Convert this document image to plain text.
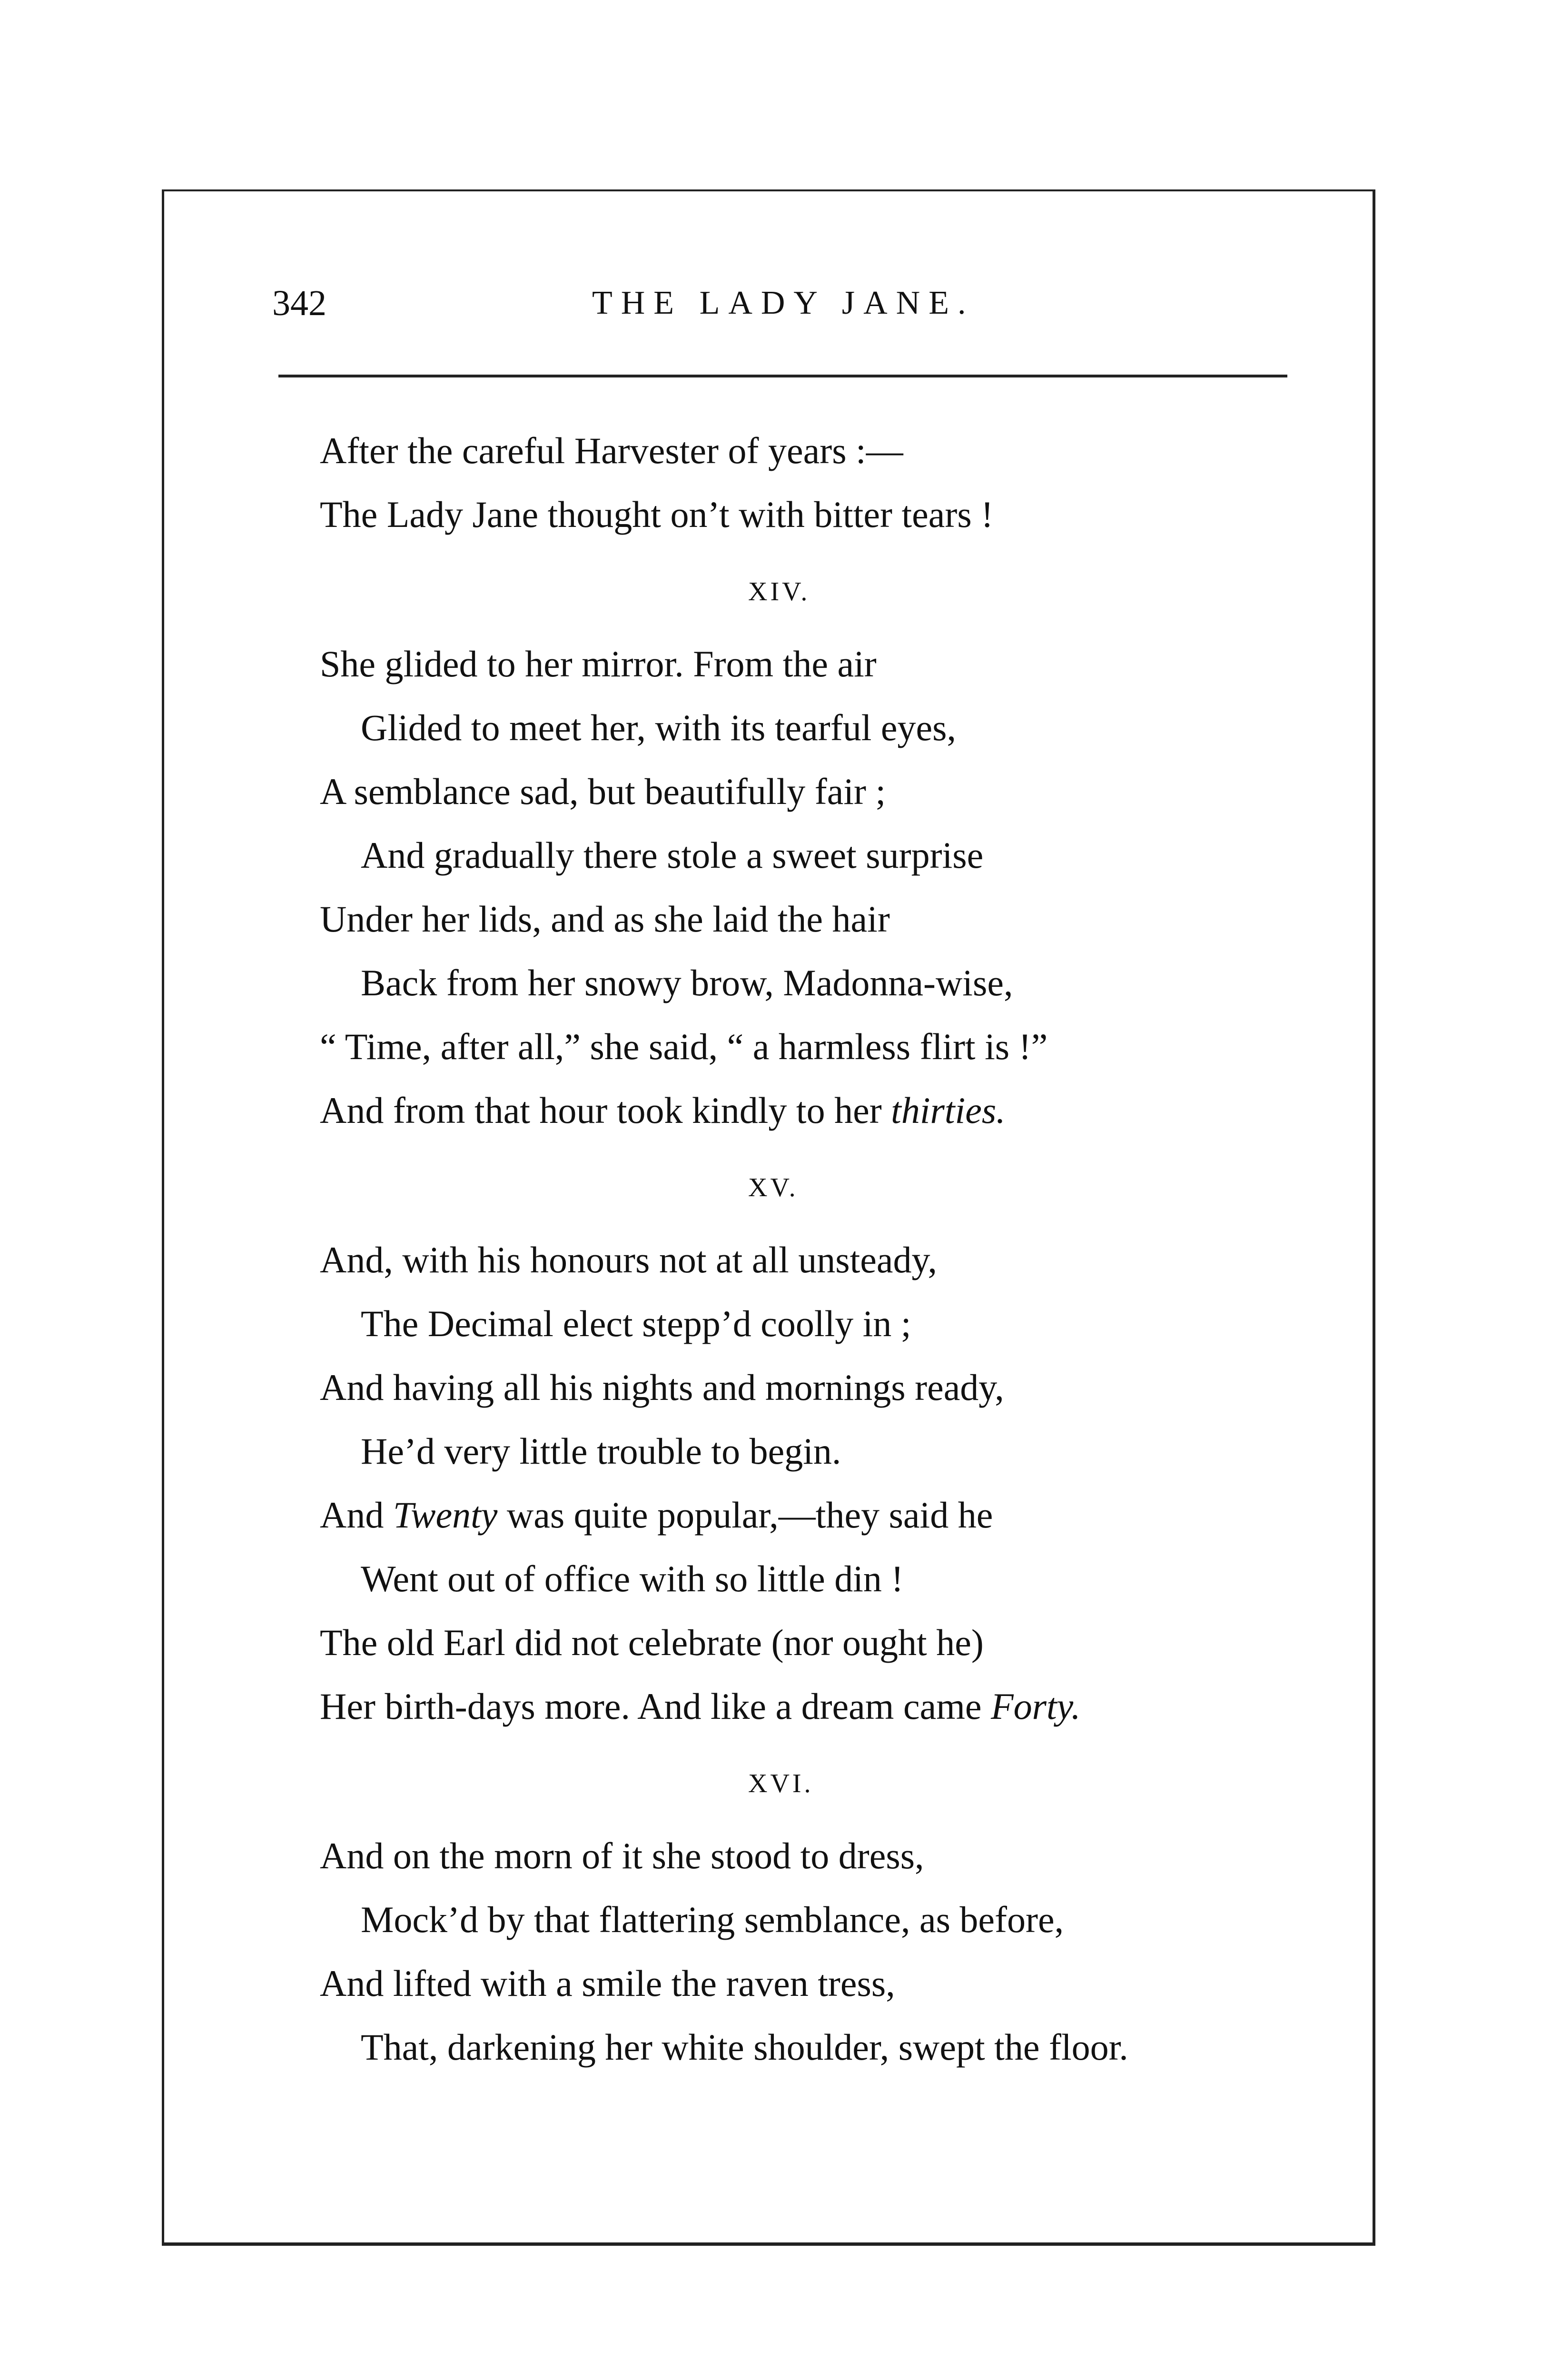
342	THE LADY JANE.
After the careful Harvester of years :—
The Lady Jane thought on’t with bitter tears !
XIV.
She glided to her mirror. From the air
Glided to meet her, with its tearful eyes,
A semblance sad, but beautifully fair ;
And gradually there stole a sweet surprise
Under her lids, and as she laid the hair
Back from her snowy brow, Madonna-wise,
“ Time, after all,” she said, “ a harmless flirt is !”
And from that hour took kindly to her thirties.
XV.
And, with his honours not at all unsteady,
The Decimal elect stepp’d coolly in ;
And having all his nights and mornings ready,
He’d very little trouble to begin.
And Twenty was quite popular,—they said he
Went out of office with so little din !
The old Earl did not celebrate (nor ought he)
Her birth-days more. And like a dream came Forty.
XVI.
And on the morn of it she stood to dress,
Mock’d by that flattering semblance, as before,
And lifted with a smile the raven tress,
That, darkening her white shoulder, swept the floor.
